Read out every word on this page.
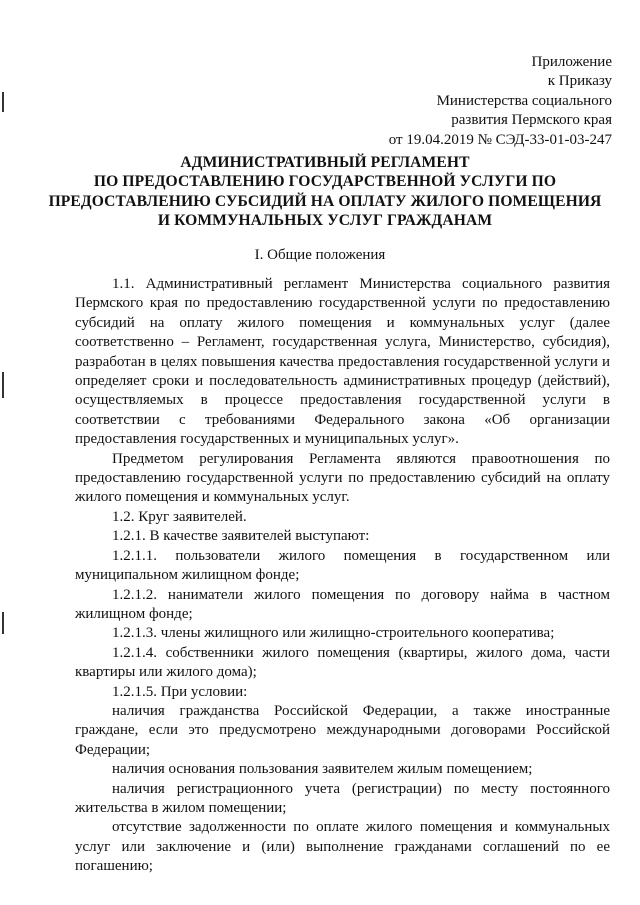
Приложение
к Приказу
Министерства социального
развития Пермского края
от 19.04.2019 № СЭД-33-01-03-247
АДМИНИСТРАТИВНЫЙ РЕГЛАМЕНТ
ПО ПРЕДОСТАВЛЕНИЮ ГОСУДАРСТВЕННОЙ УСЛУГИ ПО
ПРЕДОСТАВЛЕНИЮ СУБСИДИЙ НА ОПЛАТУ ЖИЛОГО ПОМЕЩЕНИЯ
И КОММУНАЛЬНЫХ УСЛУГ ГРАЖДАНАМ
I. Общие положения

1.1. Административный регламент Министерства социального развития Пермского края по предоставлению государственной услуги по предоставлению субсидий на оплату жилого помещения и коммунальных услуг (далее соответственно – Регламент, государственная услуга, Министерство, субсидия), разработан в целях повышения качества предоставления государственной услуги и определяет сроки и последовательность административных процедур (действий), осуществляемых в процессе предоставления государственной услуги в соответствии с требованиями Федерального закона «Об организации предоставления государственных и муниципальных услуг».

Предметом регулирования Регламента являются правоотношения по предоставлению государственной услуги по предоставлению субсидий на оплату жилого помещения и коммунальных услуг.

1.2. Круг заявителей.

1.2.1. В качестве заявителей выступают:

1.2.1.1. пользователи жилого помещения в государственном или муниципальном жилищном фонде;

1.2.1.2. наниматели жилого помещения по договору найма в частном жилищном фонде;

1.2.1.3. члены жилищного или жилищно-строительного кооператива;

1.2.1.4. собственники жилого помещения (квартиры, жилого дома, части квартиры или жилого дома);

1.2.1.5. При условии:

наличия гражданства Российской Федерации, а также иностранные граждане, если это предусмотрено международными договорами Российской Федерации;

наличия основания пользования заявителем жилым помещением;

наличия регистрационного учета (регистрации) по месту постоянного жительства в жилом помещении;

отсутствие задолженности по оплате жилого помещения и коммунальных услуг или заключение и (или) выполнение гражданами соглашений по ее погашению;
